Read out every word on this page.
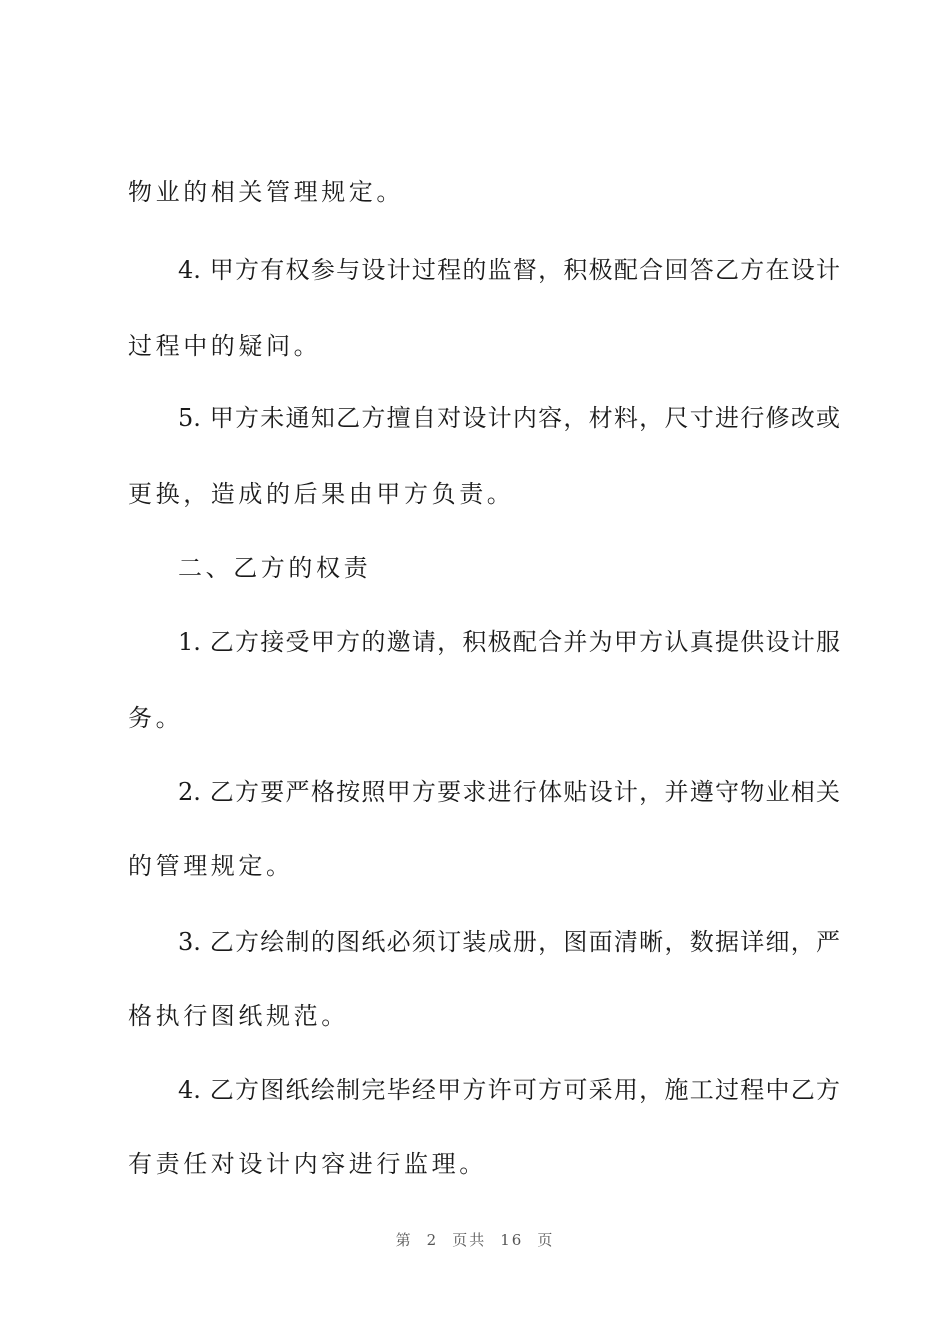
物业的相关管理规定。
4. 甲方有权参与设计过程的监督，积极配合回答乙方在设计
过程中的疑问。
5. 甲方未通知乙方擅自对设计内容，材料，尺寸进行修改或
更换，造成的后果由甲方负责。
二、乙方的权责
1. 乙方接受甲方的邀请，积极配合并为甲方认真提供设计服
务。
2. 乙方要严格按照甲方要求进行体贴设计，并遵守物业相关
的管理规定。
3. 乙方绘制的图纸必须订装成册，图面清晰，数据详细，严
格执行图纸规范。
4. 乙方图纸绘制完毕经甲方许可方可采用，施工过程中乙方
有责任对设计内容进行监理。
第 2 页共 16 页
